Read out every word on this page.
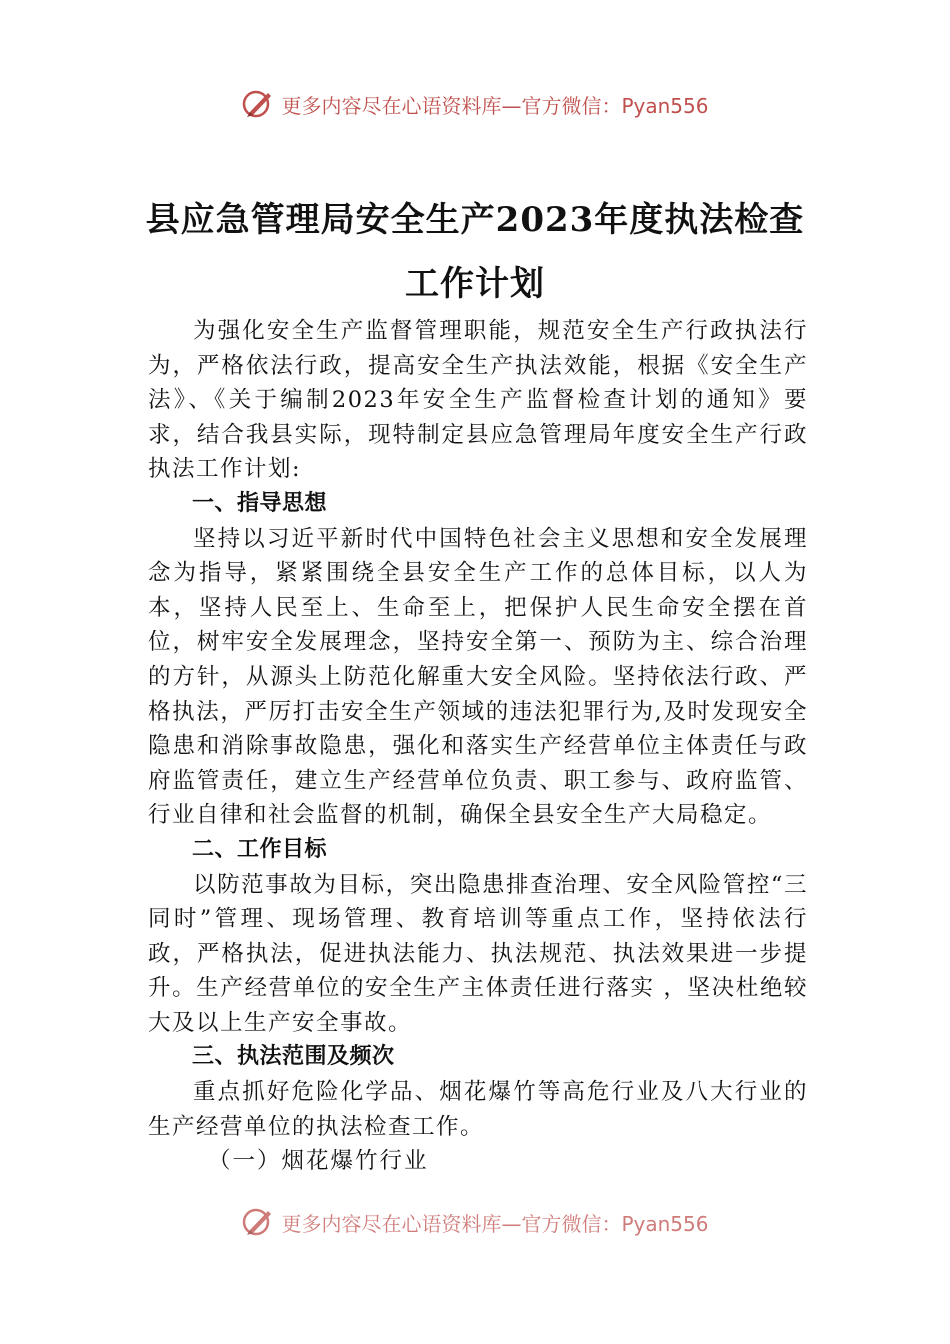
更多内容尽在心语资料库—官方微信：Pyan556
县应急管理局安全生产2023年度执法检查
工作计划

为强化安全生产监督管理职能，规范安全生产行政执法行为，严格依法行政，提高安全生产执法效能，根据《安全生产法》、《关于编制2023年安全生产监督检查计划的通知》要求，结合我县实际，现特制定县应急管理局年度安全生产行政执法工作计划:

一、指导思想

坚持以习近平新时代中国特色社会主义思想和安全发展理念为指导，紧紧围绕全县安全生产工作的总体目标，以人为本，坚持人民至上、生命至上，把保护人民生命安全摆在首位，树牢安全发展理念，坚持安全第一、预防为主、综合治理的方针，从源头上防范化解重大安全风险。坚持依法行政、严格执法，严厉打击安全生产领域的违法犯罪行为,及时发现安全隐患和消除事故隐患，强化和落实生产经营单位主体责任与政府监管责任，建立生产经营单位负责、职工参与、政府监管、行业自律和社会监督的机制，确保全县安全生产大局稳定。

二、工作目标

以防范事故为目标，突出隐患排查治理、安全风险管控“三同时”管理、现场管理、教育培训等重点工作，坚持依法行政，严格执法，促进执法能力、执法规范、执法效果进一步提升。生产经营单位的安全生产主体责任进行落实 ，坚决杜绝较大及以上生产安全事故。

三、执法范围及频次

重点抓好危险化学品、烟花爆竹等高危行业及八大行业的生产经营单位的执法检查工作。

（一）烟花爆竹行业

更多内容尽在心语资料库—官方微信：Pyan556
